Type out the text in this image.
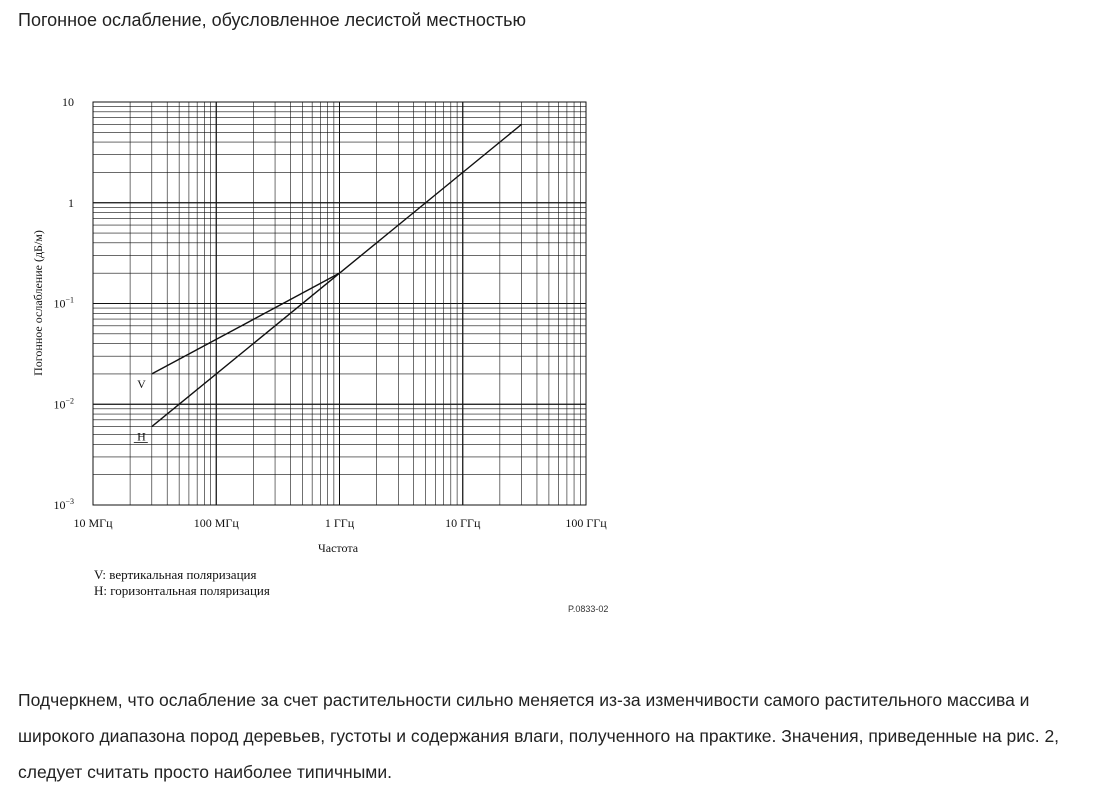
Погонное ослабление, обусловленное лесистой местностью
V
H
10
1
$10^{-1}$
$10^{-2}$
$10^{-3}$
10 МГц	100 МГц	1 ГГц	10 ГГц	100 ГГц
Частота
Погонное ослабление (дБ/м)
V: вертикальная поляризация
H: горизонтальная поляризация
P.0833-02
Подчеркнем, что ослабление за счет растительности сильно меняется из-за изменчивости самого растительного массива и широкого диапазона пород деревьев, густоты и содержания влаги, полученного на практике. Значения, приведенные на рис. 2, следует считать просто наиболее типичными.
